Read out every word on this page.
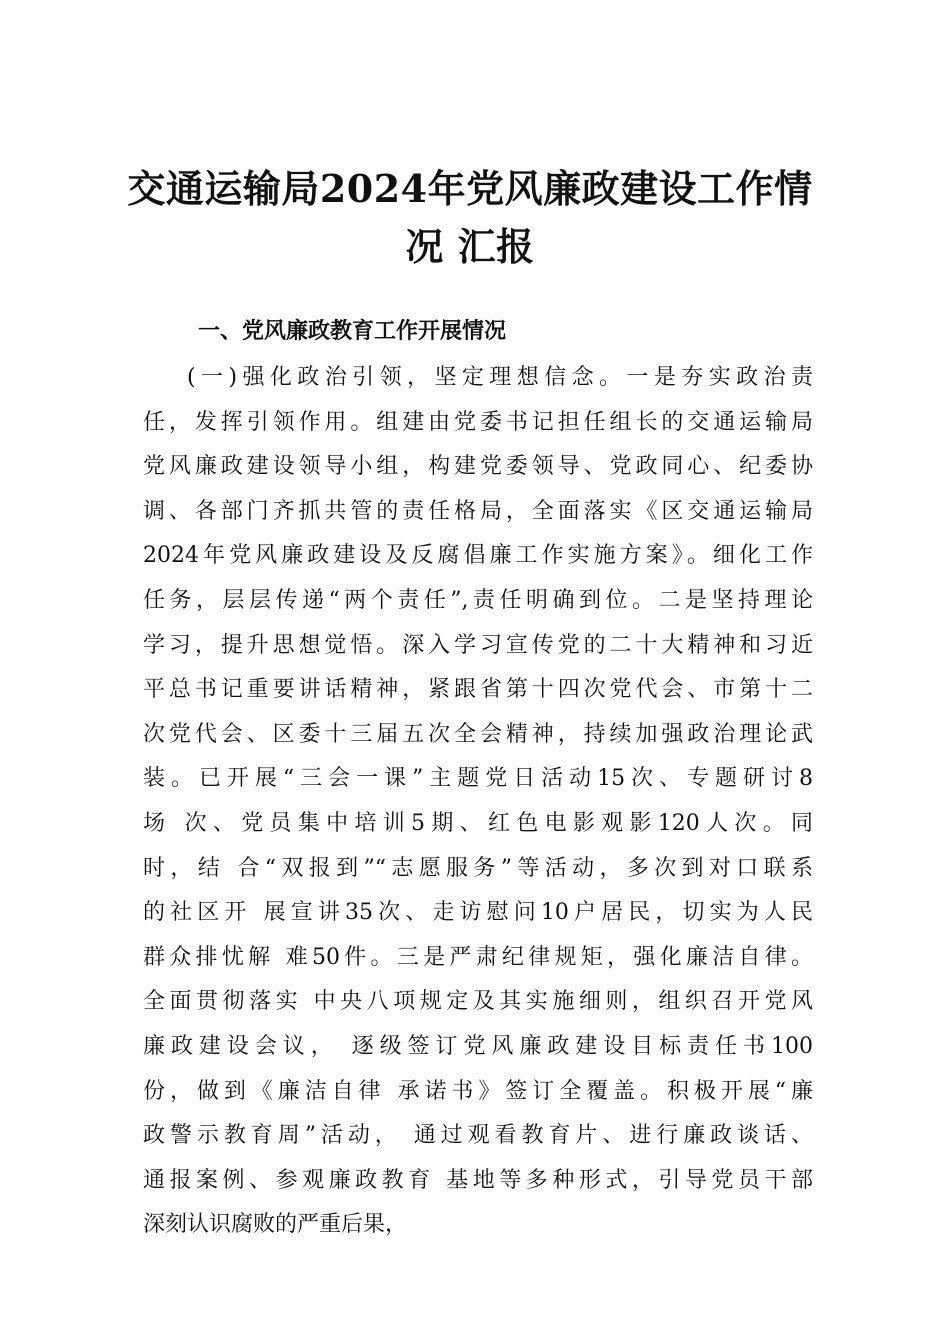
交通运输局2024年党风廉政建设工作情
况 汇报
一、党风廉政教育工作开展情况
(一)强化政治引领，坚定理想信念。一是夯实政治责
任，发挥引领作用。组建由党委书记担任组长的交通运输局
党风廉政建设领导小组，构建党委领导、党政同心、纪委协
调、各部门齐抓共管的责任格局，全面落实《区交通运输局
2024年党风廉政建设及反腐倡廉工作实施方案》。细化工作
任务，层层传递“两个责任”,责任明确到位。二是坚持理论
学习，提升思想觉悟。深入学习宣传党的二十大精神和习近
平总书记重要讲话精神，紧跟省第十四次党代会、市第十二
次党代会、区委十三届五次全会精神，持续加强政治理论武
装。已开展“三会一课”主题党日活动15次、专题研讨8
场 次、党员集中培训5期、红色电影观影120人次。同
时，结 合“双报到”“志愿服务”等活动，多次到对口联系
的社区开 展宣讲35次、走访慰问10户居民，切实为人民
群众排忧解 难50件。三是严肃纪律规矩，强化廉洁自律。
全面贯彻落实 中央八项规定及其实施细则，组织召开党风
廉政建设会议， 逐级签订党风廉政建设目标责任书100
份，做到《廉洁自律 承诺书》签订全覆盖。积极开展“廉
政警示教育周”活动， 通过观看教育片、进行廉政谈话、
通报案例、参观廉政教育 基地等多种形式，引导党员干部
深刻认识腐败的严重后果，
